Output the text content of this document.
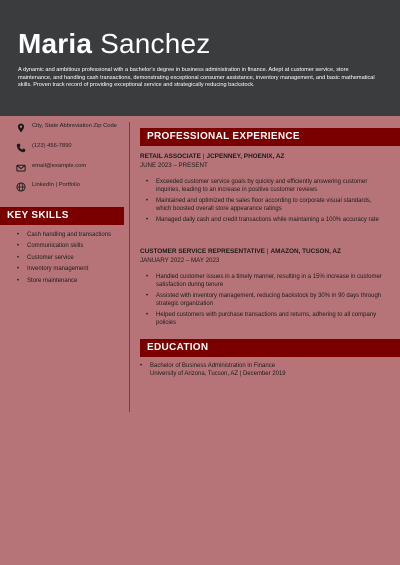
Maria Sanchez
A dynamic and ambitious professional with a bachelor’s degree in business administration in finance. Adept at customer service, store maintenance, and handling cash transactions, demonstrating exceptional consumer assistance, inventory management, and basic mathematical skills. Proven track record of providing exceptional service and strategically reducing backstock.
City, State Abbreviation Zip Code
(123) 456-7890
email@example.com
LinkedIn | Portfolio
KEY SKILLS
• Cash handling and transactions
• Communication skills
• Customer service
• Inventory management
• Store maintenance
PROFESSIONAL EXPERIENCE
RETAIL ASSOCIATE | JCPENNEY, PHOENIX, AZ
JUNE 2023 – PRESENT
• Exceeded customer service goals by quickly and efficiently answering customer inquiries, leading to an increase in positive customer reviews
• Maintained and optimized the sales floor according to corporate visual standards, which boosted overall store appearance ratings
• Managed daily cash and credit transactions while maintaining a 100% accuracy rate
CUSTOMER SERVICE REPRESENTATIVE | AMAZON, TUCSON, AZ
JANUARY 2022 – MAY 2023
• Handled customer issues in a timely manner, resulting in a 15% increase in customer satisfaction during tenure
• Assisted with inventory management, reducing backstock by 30% in 90 days through strategic organization
• Helped customers with purchase transactions and returns, adhering to all company policies
EDUCATION
• Bachelor of Business Administration in Finance
University of Arizona, Tucson, AZ | December 2019
